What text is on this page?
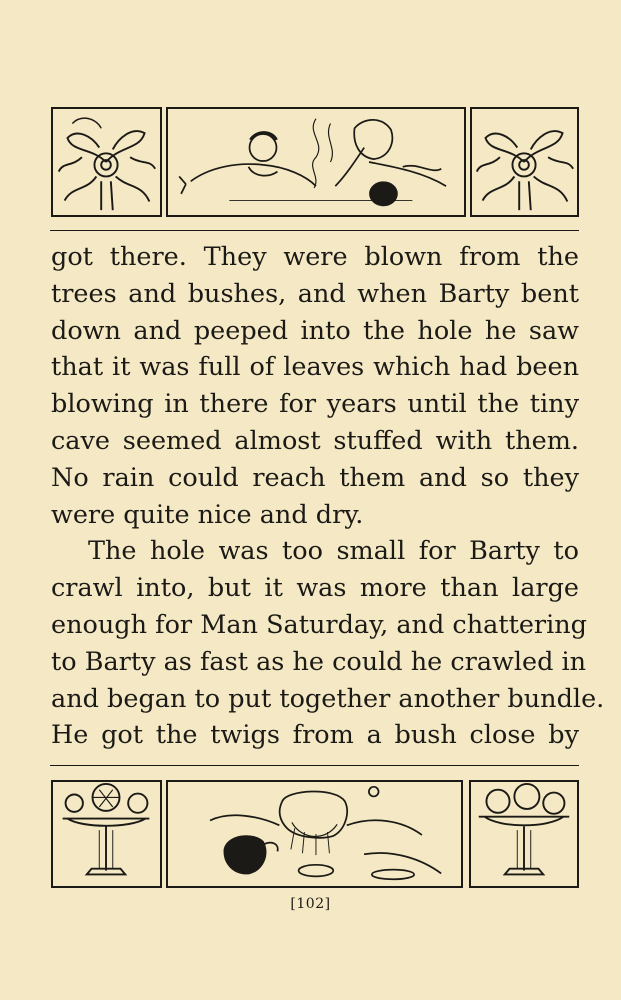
got there. They were blown from the
trees and bushes, and when Barty bent
down and peeped into the hole he saw
that it was full of leaves which had been
blowing in there for years until the tiny
cave seemed almost stuffed with them.
No rain could reach them and so they
were quite nice and dry.
The hole was too small for Barty to
crawl into, but it was more than large
enough for Man Saturday, and chattering
to Barty as fast as he could he crawled in
and began to put together another bundle.
He got the twigs from a bush close by
[102]
